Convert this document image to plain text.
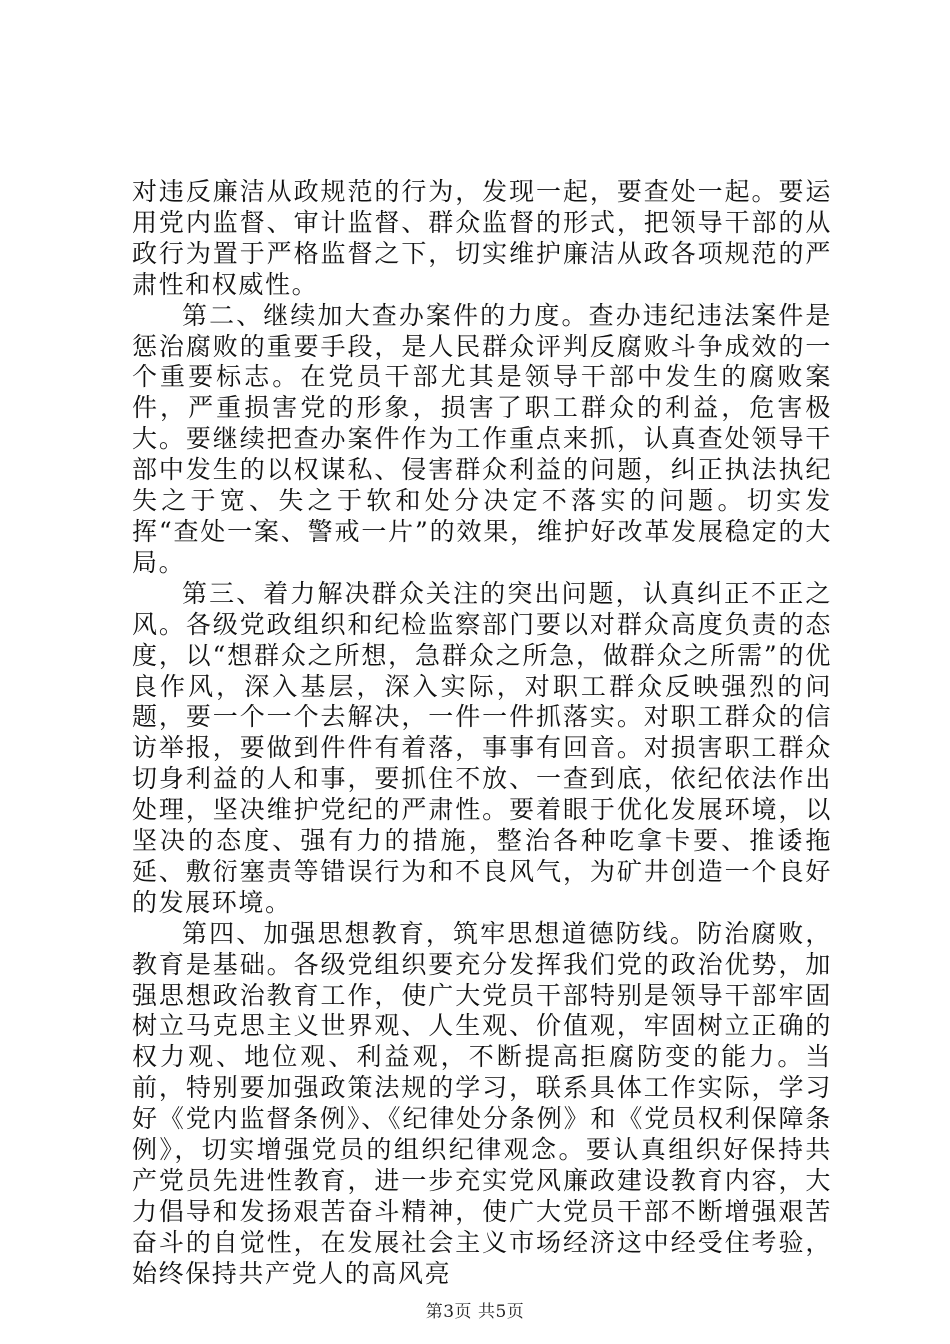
对违反廉洁从政规范的行为，发现一起，要查处一起。要运用党内监督、审计监督、群众监督的形式，把领导干部的从政行为置于严格监督之下，切实维护廉洁从政各项规范的严肃性和权威性。

第二、继续加大查办案件的力度。查办违纪违法案件是惩治腐败的重要手段，是人民群众评判反腐败斗争成效的一个重要标志。在党员干部尤其是领导干部中发生的腐败案件，严重损害党的形象，损害了职工群众的利益，危害极大。要继续把查办案件作为工作重点来抓，认真查处领导干部中发生的以权谋私、侵害群众利益的问题，纠正执法执纪失之于宽、失之于软和处分决定不落实的问题。切实发挥“查处一案、警戒一片”的效果，维护好改革发展稳定的大局。

第三、着力解决群众关注的突出问题，认真纠正不正之风。各级党政组织和纪检监察部门要以对群众高度负责的态度，以“想群众之所想，急群众之所急，做群众之所需”的优良作风，深入基层，深入实际，对职工群众反映强烈的问题，要一个一个去解决，一件一件抓落实。对职工群众的信访举报，要做到件件有着落，事事有回音。对损害职工群众切身利益的人和事，要抓住不放、一查到底，依纪依法作出处理，坚决维护党纪的严肃性。要着眼于优化发展环境，以坚决的态度、强有力的措施，整治各种吃拿卡要、推诿拖延、敷衍塞责等错误行为和不良风气，为矿井创造一个良好的发展环境。

第四、加强思想教育，筑牢思想道德防线。防治腐败，教育是基础。各级党组织要充分发挥我们党的政治优势，加强思想政治教育工作，使广大党员干部特别是领导干部牢固树立马克思主义世界观、人生观、价值观，牢固树立正确的权力观、地位观、利益观，不断提高拒腐防变的能力。当前，特别要加强政策法规的学习，联系具体工作实际，学习好《党内监督条例》、《纪律处分条例》和《党员权利保障条例》，切实增强党员的组织纪律观念。要认真组织好保持共产党员先进性教育，进一步充实党风廉政建设教育内容，大力倡导和发扬艰苦奋斗精神，使广大党员干部不断增强艰苦奋斗的自觉性，在发展社会主义市场经济这中经受住考验，始终保持共产党人的高风亮

第3页 共5页
